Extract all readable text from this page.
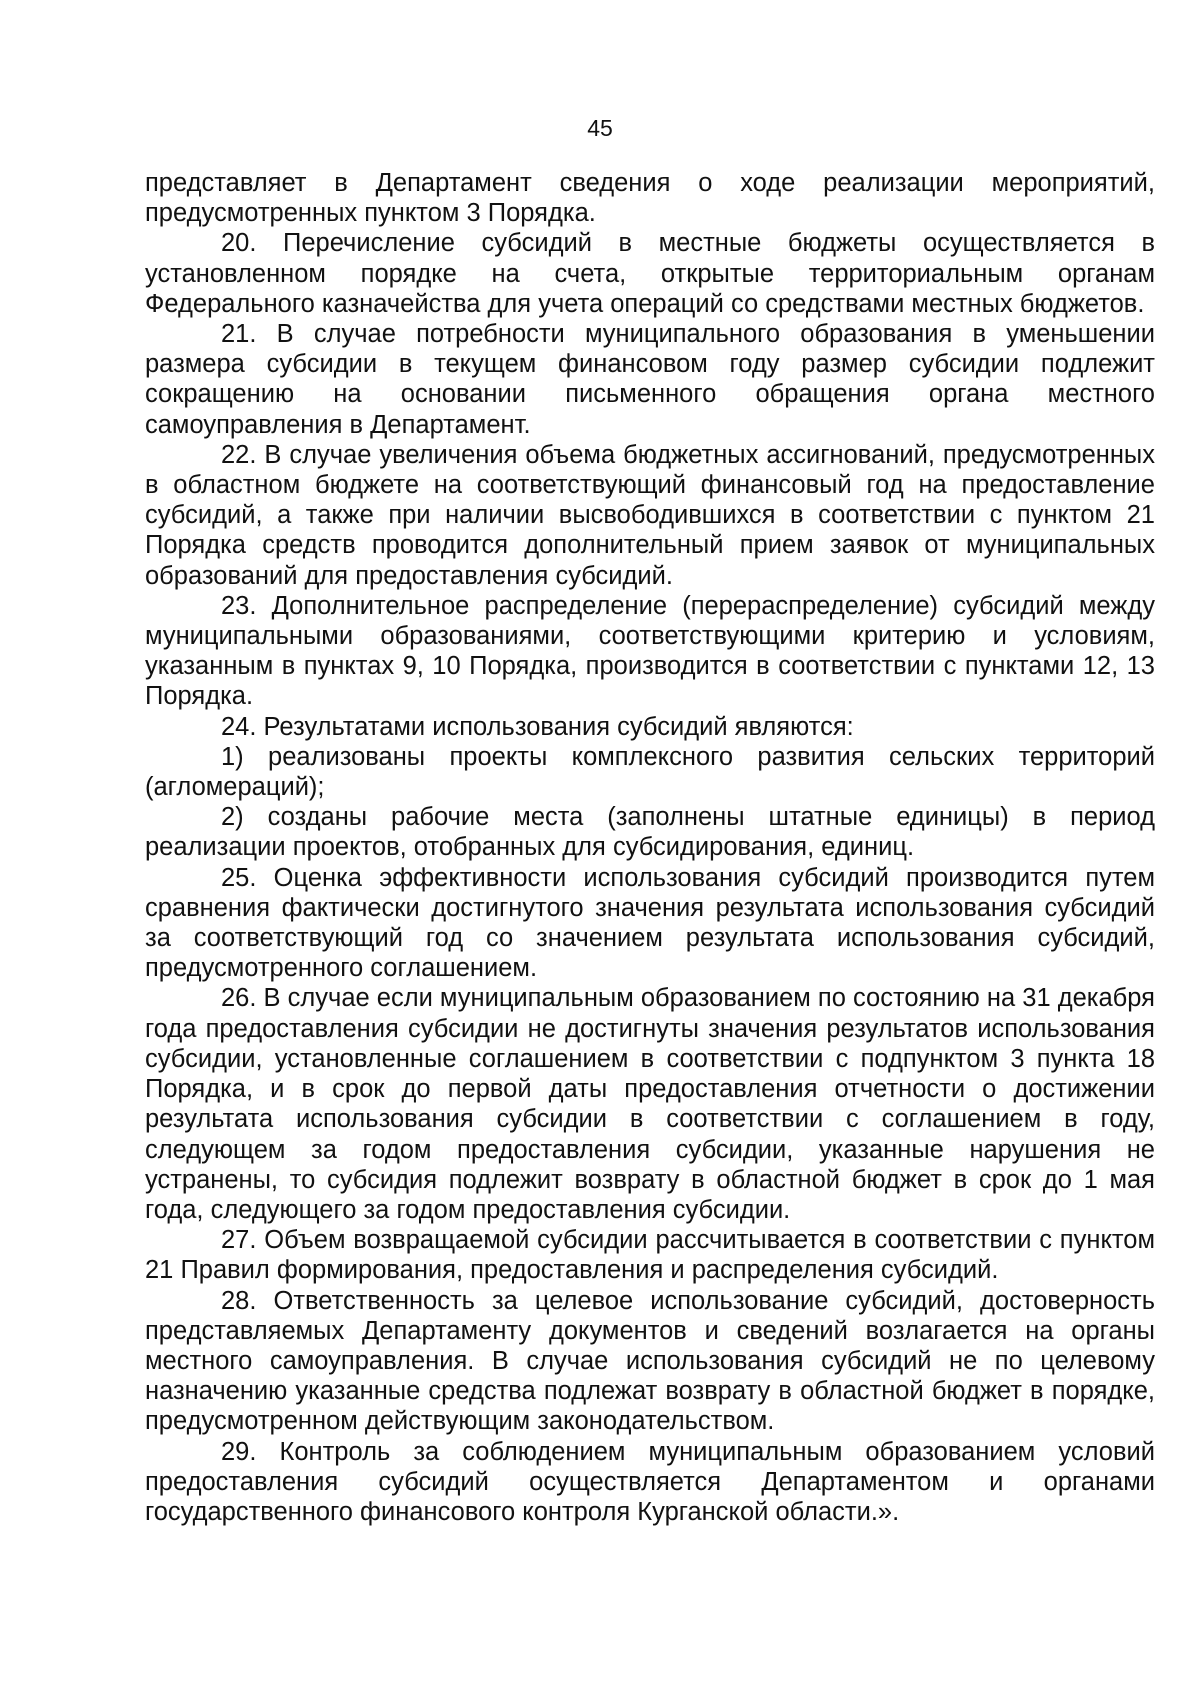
45

представляет в Департамент сведения о ходе реализации мероприятий, предусмотренных пунктом 3 Порядка.

20. Перечисление субсидий в местные бюджеты осуществляется в установленном порядке на счета, открытые территориальным органам Федерального казначейства для учета операций со средствами местных бюджетов.

21. В случае потребности муниципального образования в уменьшении размера субсидии в текущем финансовом году размер субсидии подлежит сокращению на основании письменного обращения органа местного самоуправления в Департамент.

22. В случае увеличения объема бюджетных ассигнований, предусмотренных в областном бюджете на соответствующий финансовый год на предоставление субсидий, а также при наличии высвободившихся в соответствии с пунктом 21 Порядка средств проводится дополнительный прием заявок от муниципальных образований для предоставления субсидий.

23. Дополнительное распределение (перераспределение) субсидий между муниципальными образованиями, соответствующими критерию и условиям, указанным в пунктах 9, 10 Порядка, производится в соответствии с пунктами 12, 13 Порядка.

24. Результатами использования субсидий являются:

1) реализованы проекты комплексного развития сельских территорий (агломераций);

2) созданы рабочие места (заполнены штатные единицы) в период реализации проектов, отобранных для субсидирования, единиц.

25. Оценка эффективности использования субсидий производится путем сравнения фактически достигнутого значения результата использования субсидий за соответствующий год со значением результата использования субсидий, предусмотренного соглашением.

26. В случае если муниципальным образованием по состоянию на 31 декабря года предоставления субсидии не достигнуты значения результатов использования субсидии, установленные соглашением в соответствии с подпунктом 3 пункта 18 Порядка, и в срок до первой даты предоставления отчетности о достижении результата использования субсидии в соответствии с соглашением в году, следующем за годом предоставления субсидии, указанные нарушения не устранены, то субсидия подлежит возврату в областной бюджет в срок до 1 мая года, следующего за годом предоставления субсидии.

27. Объем возвращаемой субсидии рассчитывается в соответствии с пунктом 21 Правил формирования, предоставления и распределения субсидий.

28. Ответственность за целевое использование субсидий, достоверность представляемых Департаменту документов и сведений возлагается на органы местного самоуправления. В случае использования субсидий не по целевому назначению указанные средства подлежат возврату в областной бюджет в порядке, предусмотренном действующим законодательством.

29. Контроль за соблюдением муниципальным образованием условий предоставления субсидий осуществляется Департаментом и органами государственного финансового контроля Курганской области.».
